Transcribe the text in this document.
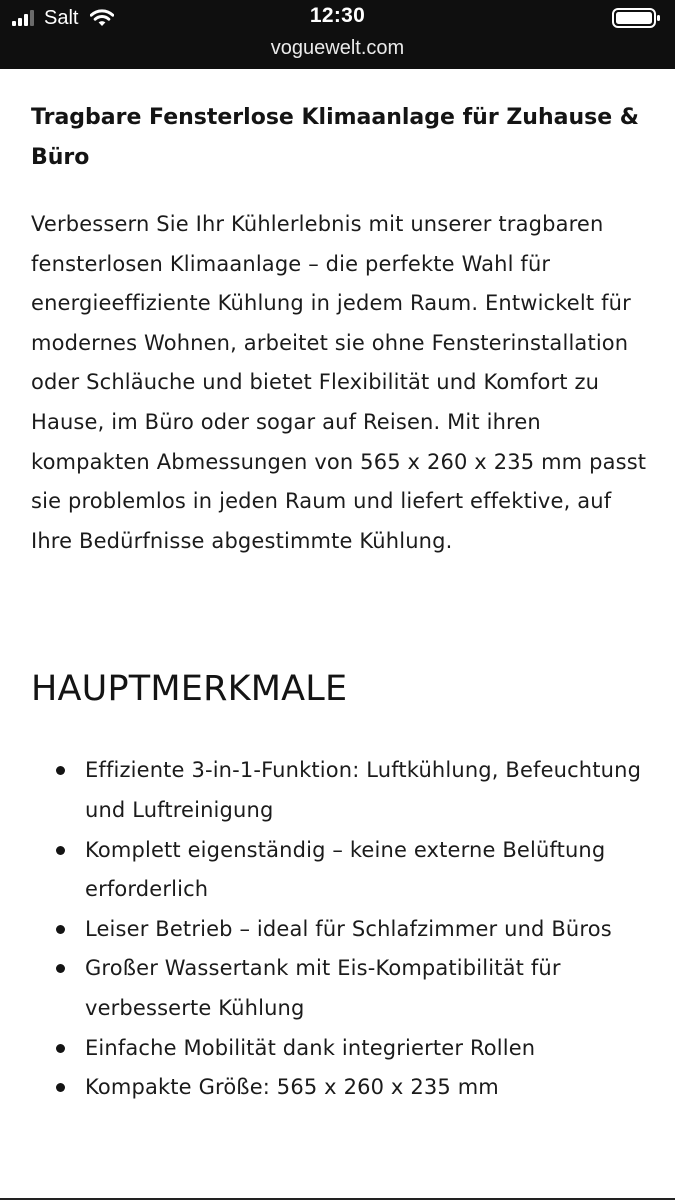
Salt	12:30
voguewelt.com
Tragbare Fensterlose Klimaanlage für Zuhause & Büro

Verbessern Sie Ihr Kühlerlebnis mit unserer tragbaren fensterlosen Klimaanlage – die perfekte Wahl für energieeffiziente Kühlung in jedem Raum. Entwickelt für modernes Wohnen, arbeitet sie ohne Fensterinstallation oder Schläuche und bietet Flexibilität und Komfort zu Hause, im Büro oder sogar auf Reisen. Mit ihren kompakten Abmessungen von 565 x 260 x 235 mm passt sie problemlos in jeden Raum und liefert effektive, auf Ihre Bedürfnisse abgestimmte Kühlung.

HAUPTMERKMALE
Effiziente 3-in-1-Funktion: Luftkühlung, Befeuchtung und Luftreinigung
Komplett eigenständig – keine externe Belüftung erforderlich
Leiser Betrieb – ideal für Schlafzimmer und Büros
Großer Wassertank mit Eis-Kompatibilität für verbesserte Kühlung
Einfache Mobilität dank integrierter Rollen
Kompakte Größe: 565 x 260 x 235 mm
